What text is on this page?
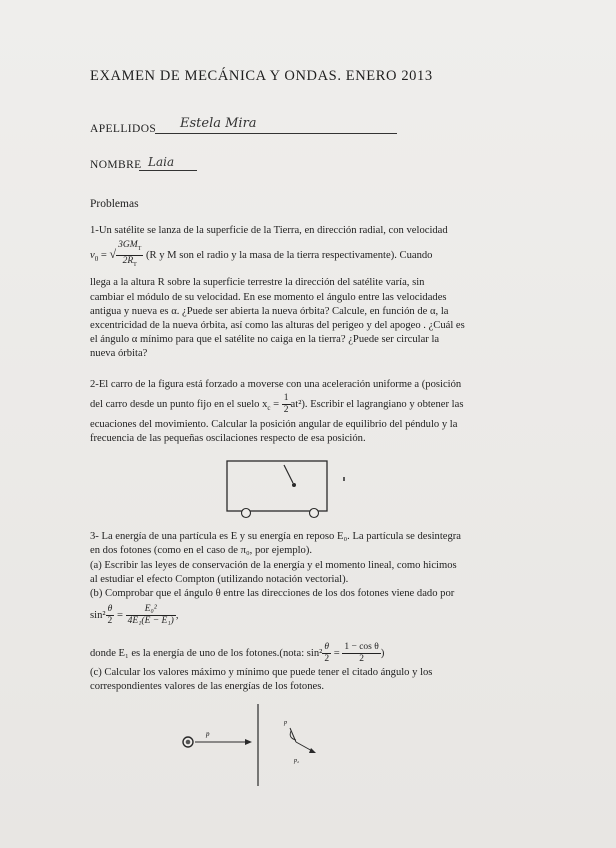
EXAMEN DE MECÁNICA Y ONDAS. ENERO 2013
APELLIDOS Estela Mira
NOMBRE Laia
Problemas
1-Un satélite se lanza de la superficie de la Tierra, en dirección radial, con velocidad
$v_0$ = √ $\frac{3GM_T}{2R_T} (R$ y M son el radio y la masa de la tierra respectivamente). Cuando
llega a la altura R sobre la superficie terrestre la dirección del satélite varía, sin
cambiar el módulo de su velocidad. En ese momento el ángulo entre las velocidades
antigua y nueva es α. ¿Puede ser abierta la nueva órbita? Calcule, en función de α, la
excentricidad de la nueva órbita, así como las alturas del perigeo y del apogeo . ¿Cuál es
el ángulo α mínimo para que el satélite no caiga en la tierra? ¿Puede ser circular la
nueva órbita?
2-El carro de la figura está forzado a moverse con una aceleración uniforme a (posición
del carro desde un punto fijo en el suelo $x_c = \frac{1}{2} at^2$). Escribir el lagrangiano y obtener las
ecuaciones del movimiento. Calcular la posición angular de equilibrio del péndulo y la
frecuencia de las pequeñas oscilaciones respecto de esa posición.
3- La energía de una partícula es E y su energía en reposo E₀. La partícula se desintegra
en dos fotones (como en el caso de π₀, por ejemplo).
(a) Escribir las leyes de conservación de la energía y el momento lineal, como hicimos
al estudiar el efecto Compton (utilizando notación vectorial).
(b) Comprobar que el ángulo θ entre las direcciones de los dos fotones viene dado por
$\sin^2 \frac{\theta}{2} = \frac{\text{E₀²}}{\text{4E₁(E − E₁)}}$ ,
donde E₁ es la energía de uno de los fotones.(nota: $\sin^2 \frac{\theta}{2} = \frac{\text{1 − cos θ}}{2}$ )
(c) Calcular los valores máximo y mínimo que puede tener el citado ángulo y los
correspondientes valores de las energías de los fotones.
p
p
p₂
